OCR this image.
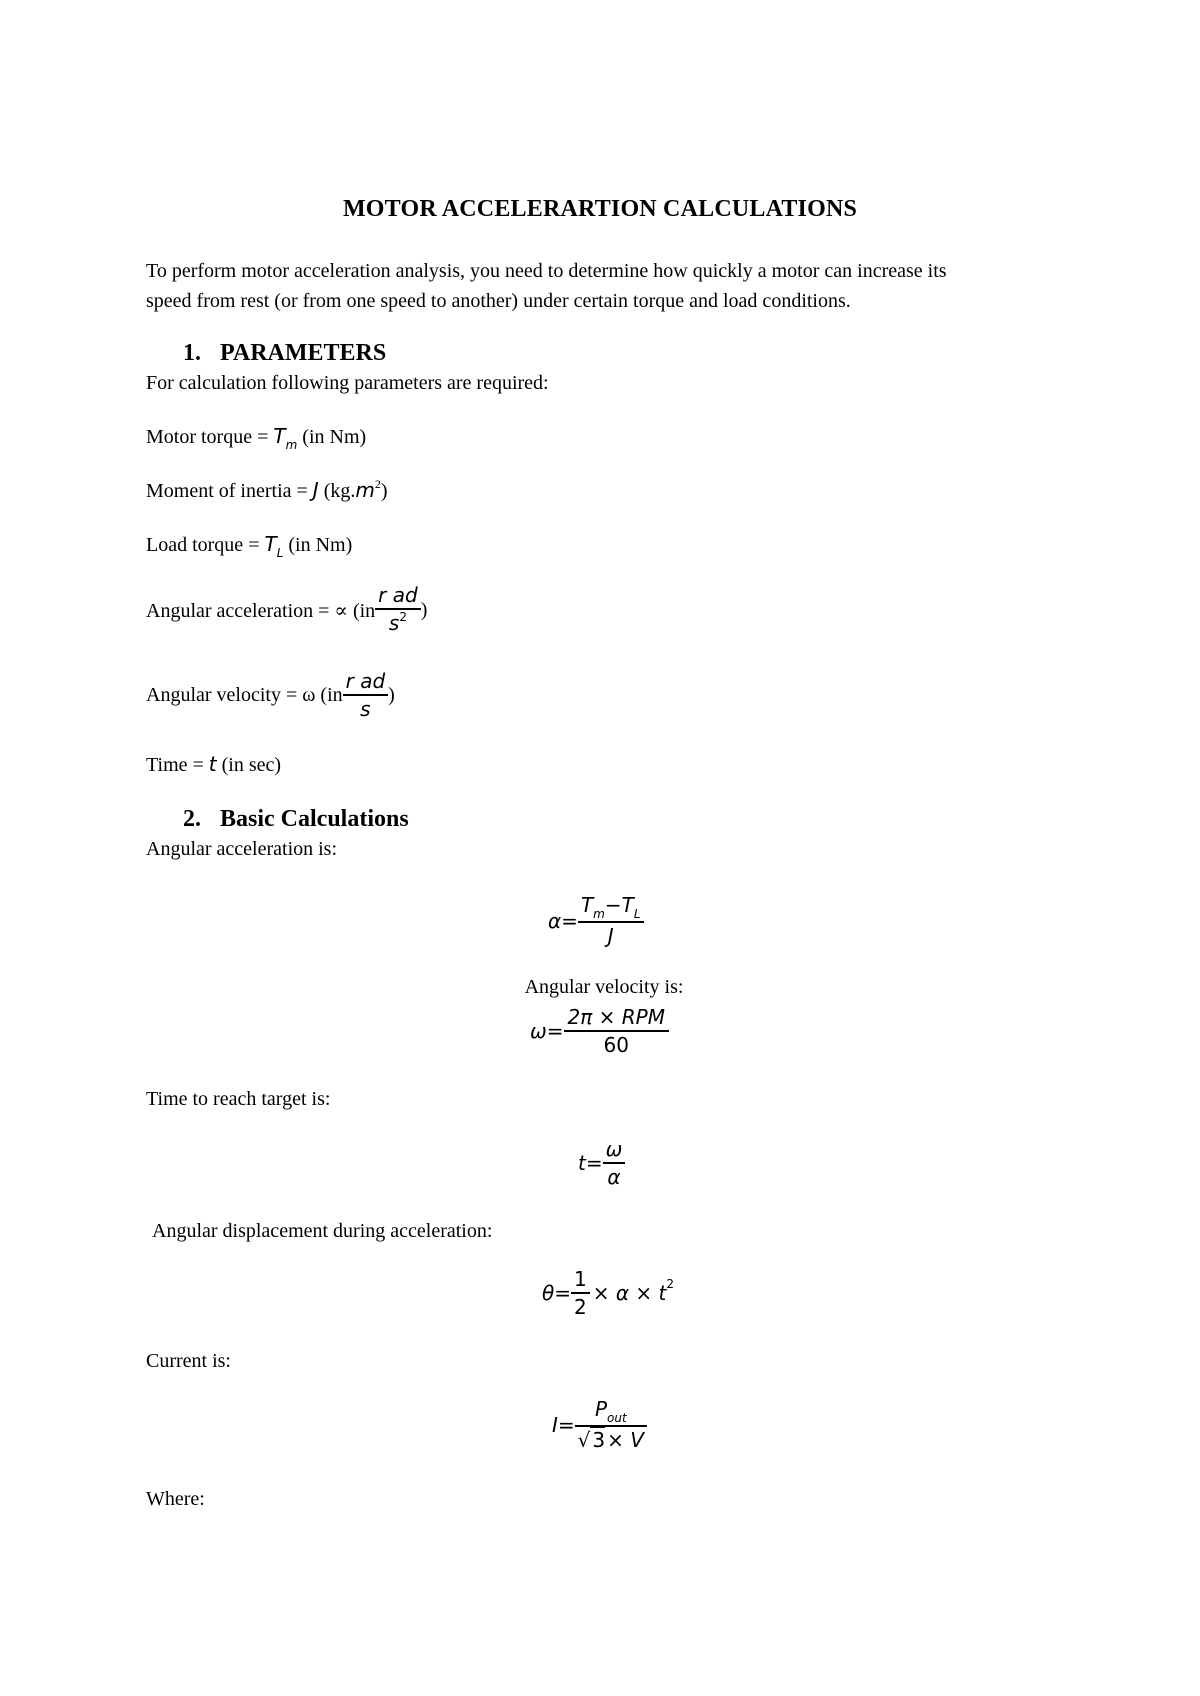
MOTOR ACCELERARTION CALCULATIONS
To perform motor acceleration analysis, you need to determine how quickly a motor can increase its
speed from rest (or from one speed to another) under certain torque and load conditions.
1. PARAMETERS
For calculation following parameters are required:
Motor torque = $T_m$ (in Nm)
Moment of inertia = J $(kg.m^2)$
Load torque = $T_L$ (in Nm)
Angular acceleration = ∝ ($in \frac{\text{r ad}}{s^2}$ )
Angular velocity = ω ($in \frac{\text{r ad}}{s}$ )
Time = t (in sec)
2. Basic Calculations
Angular acceleration is:
$\alpha= \frac{T_m-T_L}{J}$
Angular velocity is:
$\omega= \frac{\text{2π × RPM}}{60}$
Time to reach target is:
$t= \frac{\omega}{\alpha}$
Angular displacement during acceleration:
$\theta= \frac{1}{2} \times \alpha \times t$ 2
Current is:
$I= \frac{P_{out}}{√ 3 \times V}$
Where:
